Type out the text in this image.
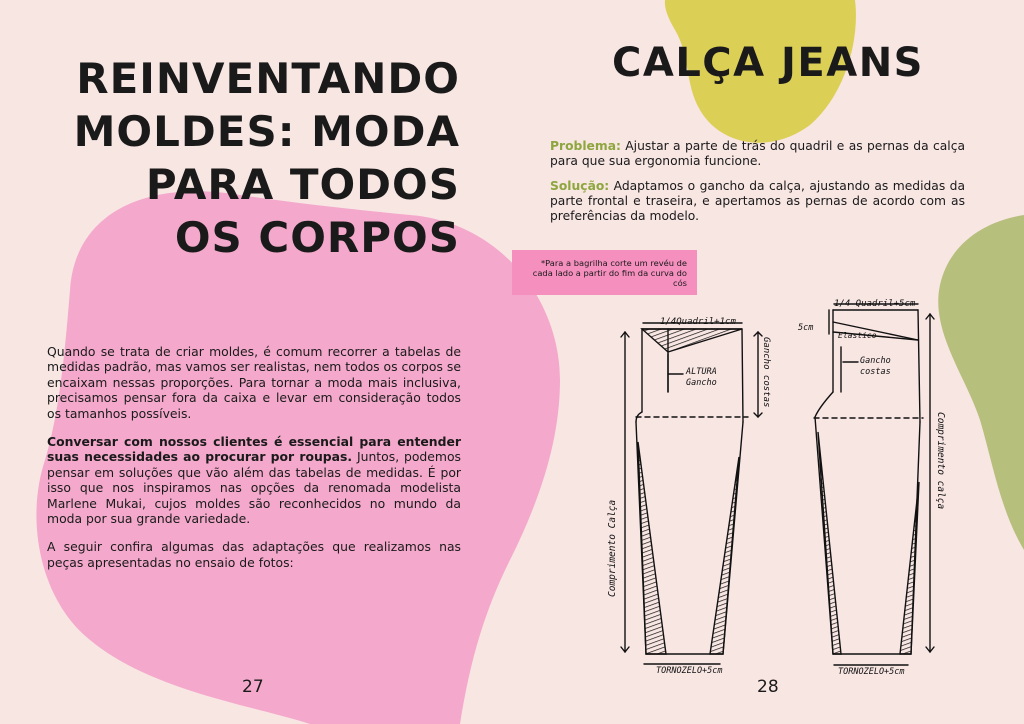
REINVENTANDO MOLDES: MODA PARA TODOS OS CORPOS

Quando se trata de criar moldes, é comum recorrer a tabelas de medidas padrão, mas vamos ser realistas, nem todos os corpos se encaixam nessas proporções. Para tornar a moda mais inclusiva, precisamos pensar fora da caixa e levar em consideração todos os tamanhos possíveis.

Conversar com nossos clientes é essencial para entender suas necessidades ao procurar por roupas. Juntos, podemos pensar em soluções que vão além das tabelas de medidas. É por isso que nos inspiramos nas opções da renomada modelista Marlene Mukai, cujos moldes são reconhecidos no mundo da moda por sua grande variedade.

A seguir confira algumas das adaptações que realizamos nas peças apresentadas no ensaio de fotos:

27
CALÇA JEANS

Problema: Ajustar a parte de trás do quadril e as pernas da calça para que sua ergonomia funcione.

Solução: Adaptamos o gancho da calça, ajustando as medidas da parte frontal e traseira, e apertamos as pernas de acordo com as preferências da modelo.

*Para a bagrilha corte um revéu de cada lado a partir do fim da curva do cós
1/4Quadril+1cm
ALTURA
Gancho	Gancho costas
Comprimento Calça
TORNOZELO+5cm
1/4 Quadril+5cm
5cm
Elastico
Gancho
costas
Comprimento calça
TORNOZELO+5cm
28
